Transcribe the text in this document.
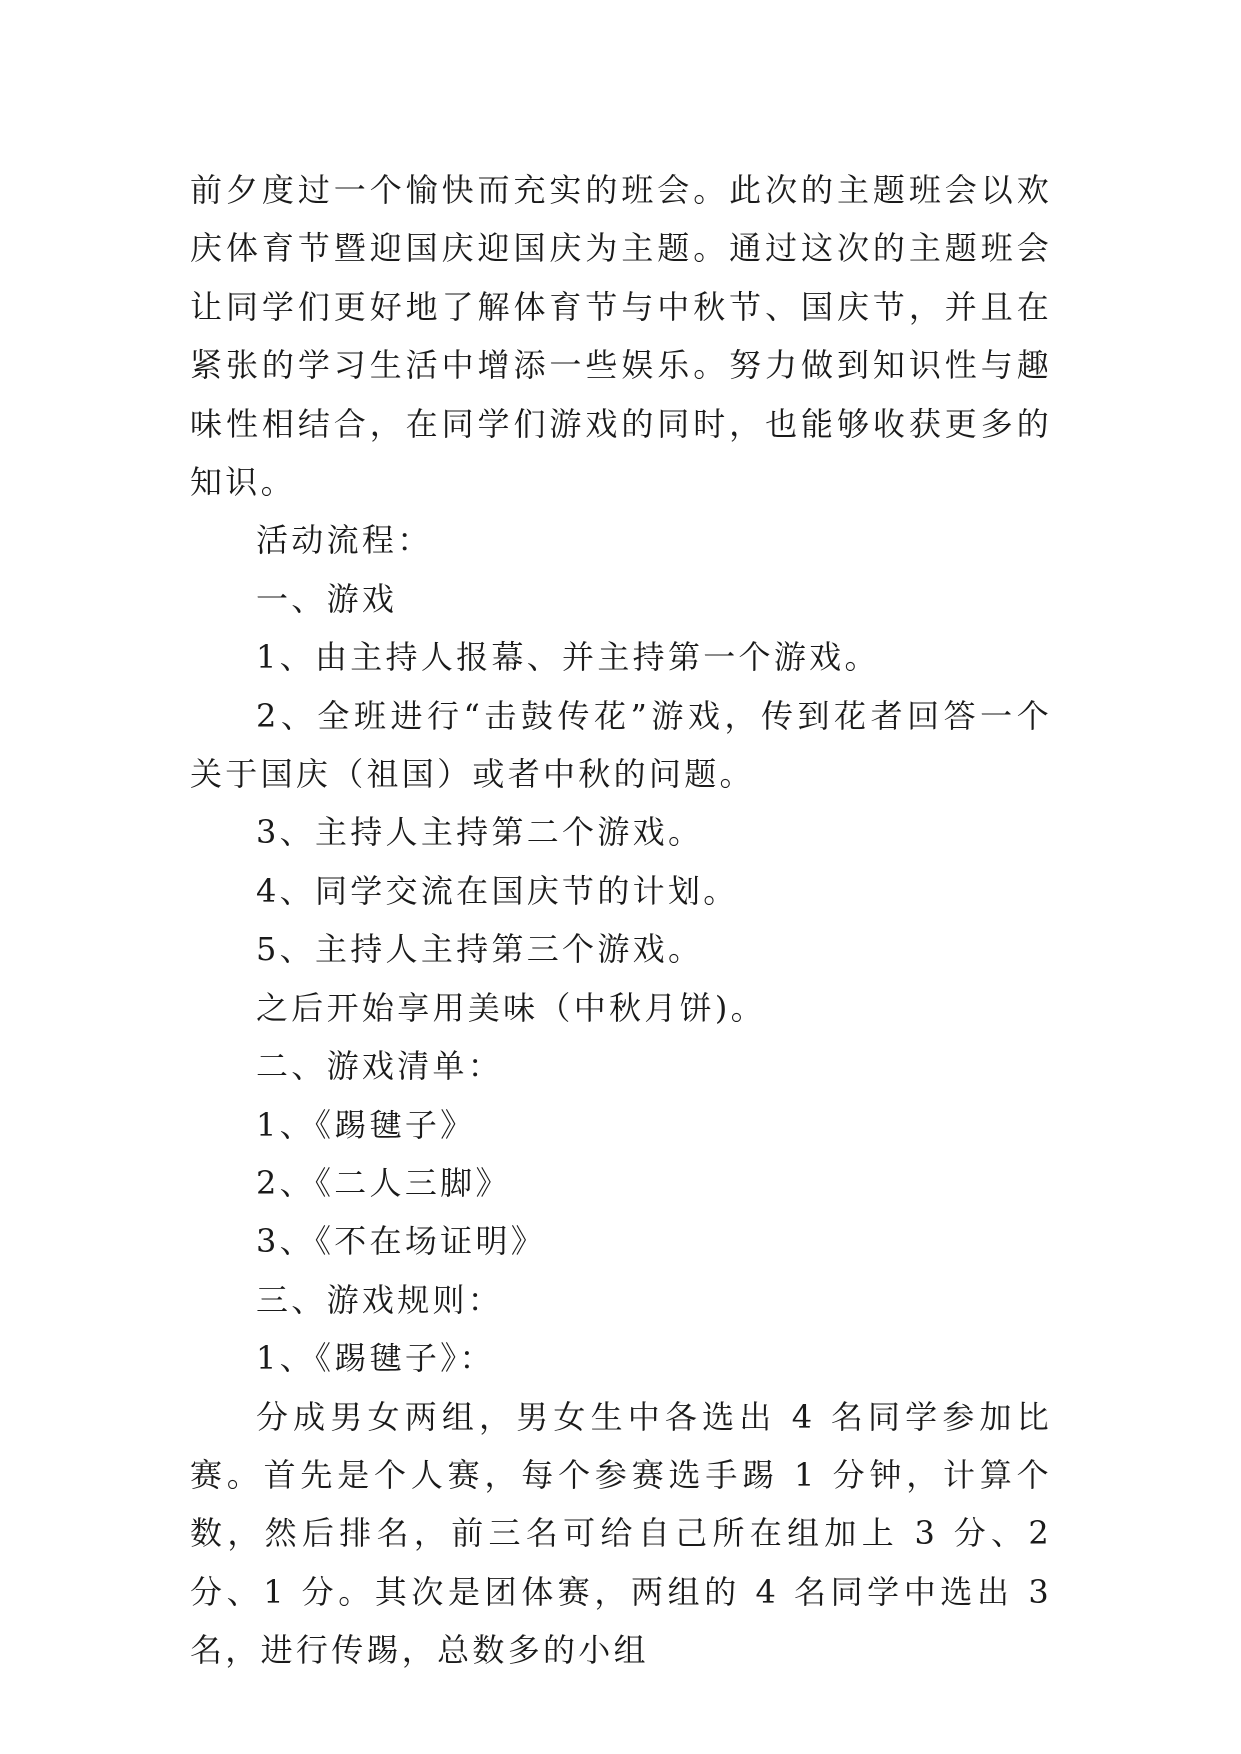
前夕度过一个愉快而充实的班会。此次的主题班会以欢庆体育节暨迎国庆迎国庆为主题。通过这次的主题班会让同学们更好地了解体育节与中秋节、国庆节，并且在紧张的学习生活中增添一些娱乐。努力做到知识性与趣味性相结合，在同学们游戏的同时，也能够收获更多的知识。

活动流程：

一、游戏

1、由主持人报幕、并主持第一个游戏。

2、全班进行“击鼓传花”游戏，传到花者回答一个关于国庆（祖国）或者中秋的问题。

3、主持人主持第二个游戏。

4、同学交流在国庆节的计划。

5、主持人主持第三个游戏。

之后开始享用美味（中秋月饼)。

二、游戏清单：

1、《踢毽子》

2、《二人三脚》

3、《不在场证明》

三、游戏规则：

1、《踢毽子》：

分成男女两组，男女生中各选出 4 名同学参加比赛。首先是个人赛，每个参赛选手踢 1 分钟，计算个数，然后排名，前三名可给自己所在组加上 3 分、2 分、1 分。其次是团体赛，两组的 4 名同学中选出 3 名，进行传踢，总数多的小组
